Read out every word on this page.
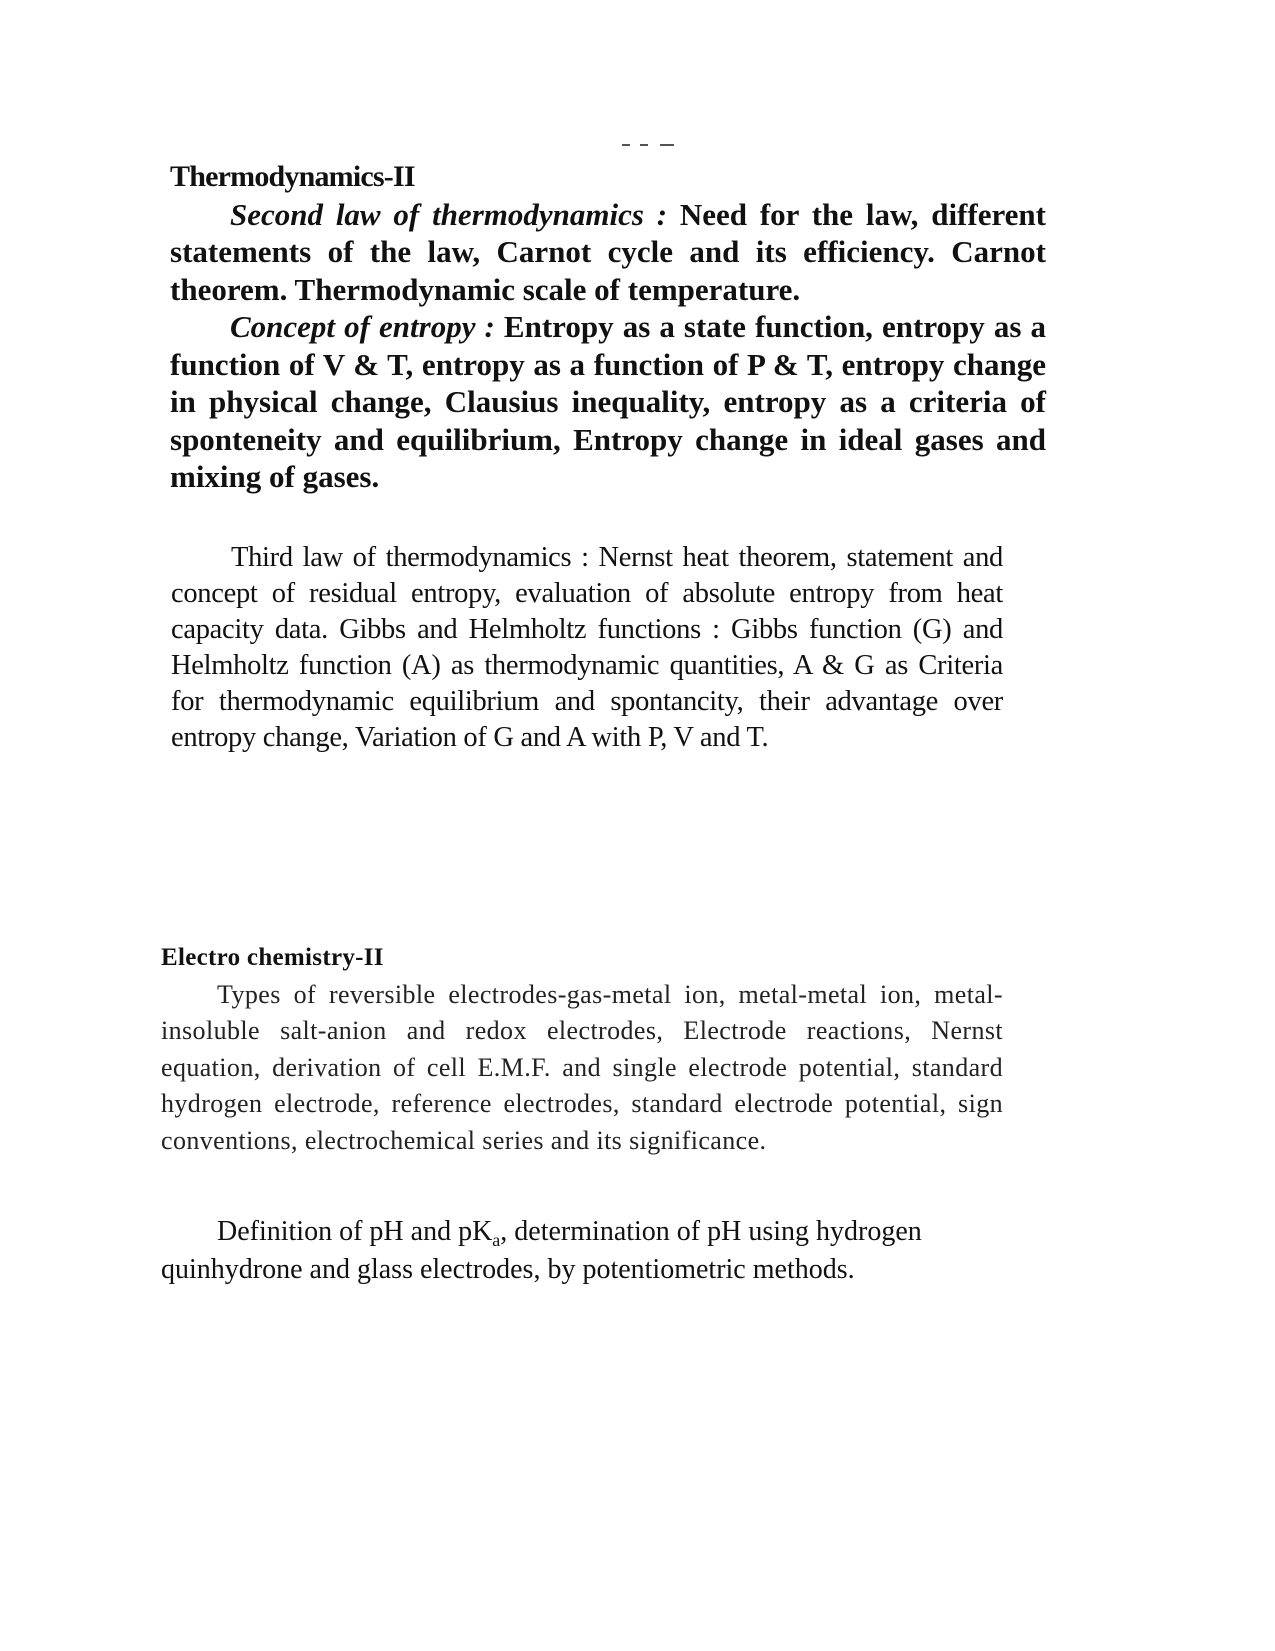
Thermodynamics-II
Second law of thermodynamics : Need for the law, different statements of the law, Carnot cycle and its efficiency. Carnot theorem. Thermodynamic scale of temperature.
Concept of entropy : Entropy as a state function, entropy as a function of V & T, entropy as a function of P & T, entropy change in physical change, Clausius inequality, entropy as a criteria of sponteneity and equilibrium, Entropy change in ideal gases and mixing of gases.

Third law of thermodynamics : Nernst heat theorem, statement and concept of residual entropy, evaluation of absolute entropy from heat capacity data. Gibbs and Helmholtz functions : Gibbs function (G) and Helmholtz function (A) as thermodynamic quantities, A & G as Criteria for thermodynamic equilibrium and spontancity, their advantage over entropy change, Variation of G and A with P, V and T.

Electro chemistry-II
Types of reversible electrodes-gas-metal ion, metal-metal ion, metal-insoluble salt-anion and redox electrodes, Electrode reactions, Nernst equation, derivation of cell E.M.F. and single electrode potential, standard hydrogen electrode, reference electrodes, standard electrode potential, sign conventions, electrochemical series and its significance.

Definition of pH and $pK_a$, determination of pH using hydrogen quinhydrone and glass electrodes, by potentiometric methods.
